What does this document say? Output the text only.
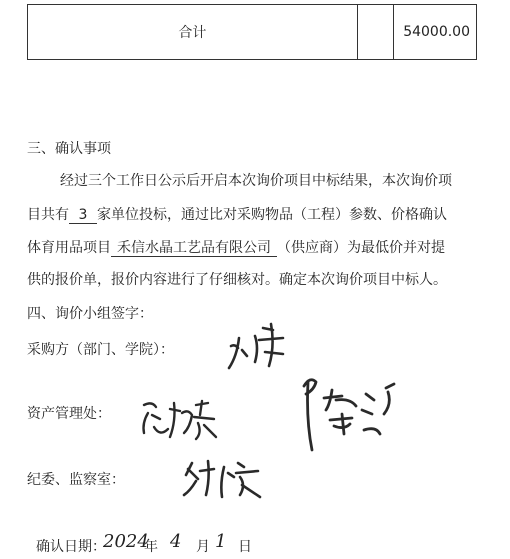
合计		54000.00
三、确认事项
经过三个工作日公示后开启本次询价项目中标结果，本次询价项
目共有 3 家单位投标，通过比对采购物品（工程）参数、价格确认
体育用品项目 禾信水晶工艺品有限公司 （供应商）为最低价并对提
供的报价单，报价内容进行了仔细核对。确定本次询价项目中标人。
四、询价小组签字：
采购方（部门、学院）：
资产管理处：
纪委、监察室：
确认日期：
2024
年 4 月 1 日
